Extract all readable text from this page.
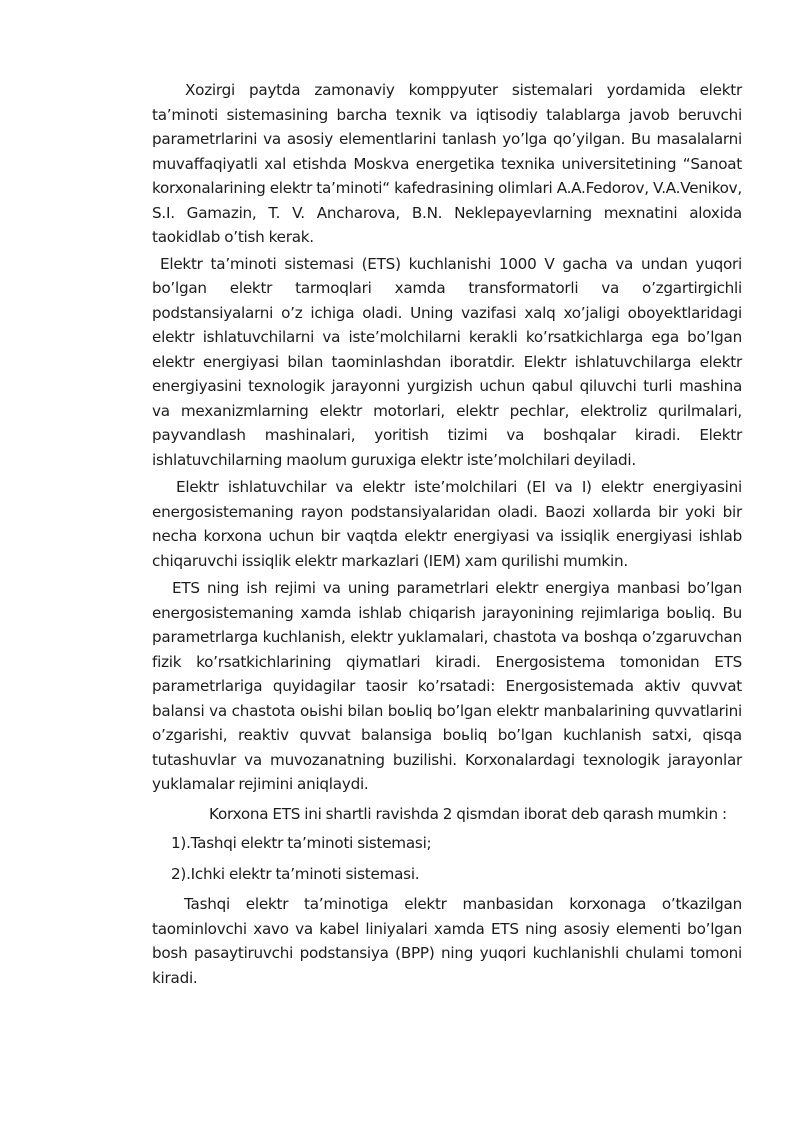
Xozirgi paytda zamonaviy komppyuter sistemalari yordamida elektr ta’minoti sistemasining barcha texnik va iqtisodiy talablarga javob beruvchi parametrlarini va asosiy elementlarini tanlash yo’lga qo’yilgan. Bu masalalarni muvaffaqiyatli xal etishda Moskva energetika texnika universitetining “Sanoat korxonalarining elektr ta’minoti“ kafedrasining olimlari A.A.Fedorov, V.A.Venikov, S.I. Gamazin, T. V. Ancharova, B.N. Neklepayevlarning mexnatini aloxida taokidlab o’tish kerak.

Elektr ta’minoti sistemasi (ETS) kuchlanishi 1000 V gacha va undan yuqori bo’lgan elektr tarmoqlari xamda transformatorli va o’zgartirgichli podstansiyalarni o’z ichiga oladi. Uning vazifasi xalq xo’jaligi oboyektlaridagi elektr ishlatuvchilarni va iste’molchilarni kerakli ko’rsatkichlarga ega bo’lgan elektr energiyasi bilan taominlashdan iboratdir. Elektr ishlatuvchilarga elektr energiyasini texnologik jarayonni yurgizish uchun qabul qiluvchi turli mashina va mexanizmlarning elektr motorlari, elektr pechlar, elektroliz qurilmalari, payvandlash mashinalari, yoritish tizimi va boshqalar kiradi. Elektr ishlatuvchilarning maolum guruxiga elektr iste’molchilari deyiladi.

Elektr ishlatuvchilar va elektr iste’molchilari (EI va I) elektr energiyasini energosistemaning rayon podstansiyalaridan oladi. Baozi xollarda bir yoki bir necha korxona uchun bir vaqtda elektr energiyasi va issiqlik energiyasi ishlab chiqaruvchi issiqlik elektr markazlari (IEM) xam qurilishi mumkin.

ETS ning ish rejimi va uning parametrlari elektr energiya manbasi bo’lgan energosistemaning xamda ishlab chiqarish jarayonining rejimlariga boьliq. Bu parametrlarga kuchlanish, elektr yuklamalari, chastota va boshqa o’zgaruvchan fizik ko’rsatkichlarining qiymatlari kiradi. Energosistema tomonidan ETS parametrlariga quyidagilar taosir ko’rsatadi: Energosistemada aktiv quvvat balansi va chastota oьishi bilan boьliq bo’lgan elektr manbalarining quvvatlarini o’zgarishi, reaktiv quvvat balansiga boьliq bo’lgan kuchlanish satxi, qisqa tutashuvlar va muvozanatning buzilishi. Korxonalardagi texnologik jarayonlar yuklamalar rejimini aniqlaydi.

Korxona ETS ini shartli ravishda 2 qismdan iborat deb qarash mumkin :

1).Tashqi elektr ta’minoti sistemasi;

2).Ichki elektr ta’minoti sistemasi.

Tashqi elektr ta’minotiga elektr manbasidan korxonaga o’tkazilgan taominlovchi xavo va kabel liniyalari xamda ETS ning asosiy elementi bo’lgan bosh pasaytiruvchi podstansiya (BPP) ning yuqori kuchlanishli chulami tomoni kiradi.
